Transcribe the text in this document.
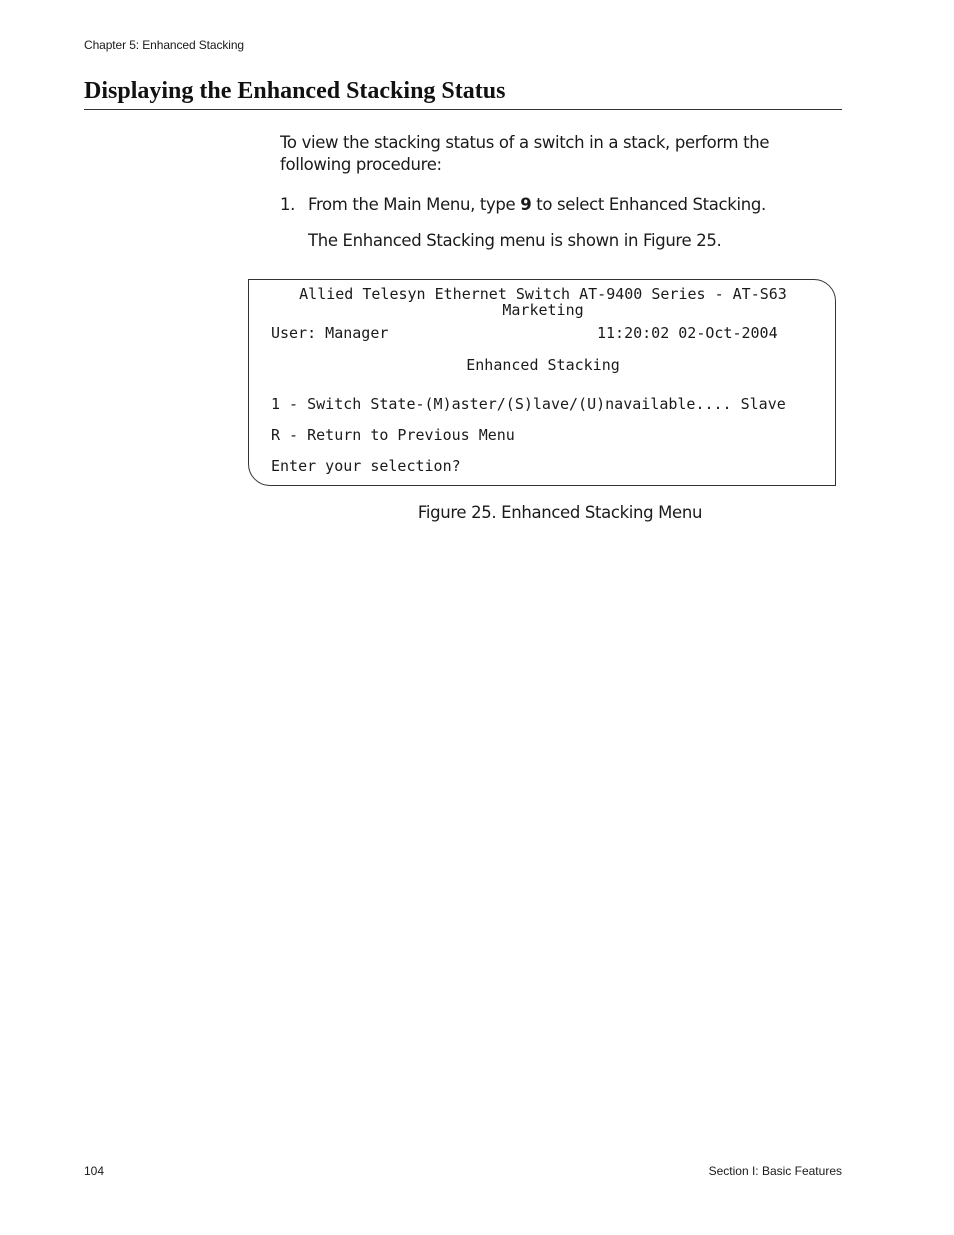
Chapter 5: Enhanced Stacking
Displaying the Enhanced Stacking Status

To view the stacking status of a switch in a stack, perform the following procedure:

1. From the Main Menu, type 9 to select Enhanced Stacking.

The Enhanced Stacking menu is shown in Figure 25.

Allied Telesyn Ethernet Switch AT-9400 Series - AT-S63
Marketing
User: Manager	11:20:02 02-Oct-2004
Enhanced Stacking
1 - Switch State-(M)aster/(S)lave/(U)navailable.... Slave
R - Return to Previous Menu
Enter your selection?
Figure 25. Enhanced Stacking Menu
104	Section I: Basic Features
